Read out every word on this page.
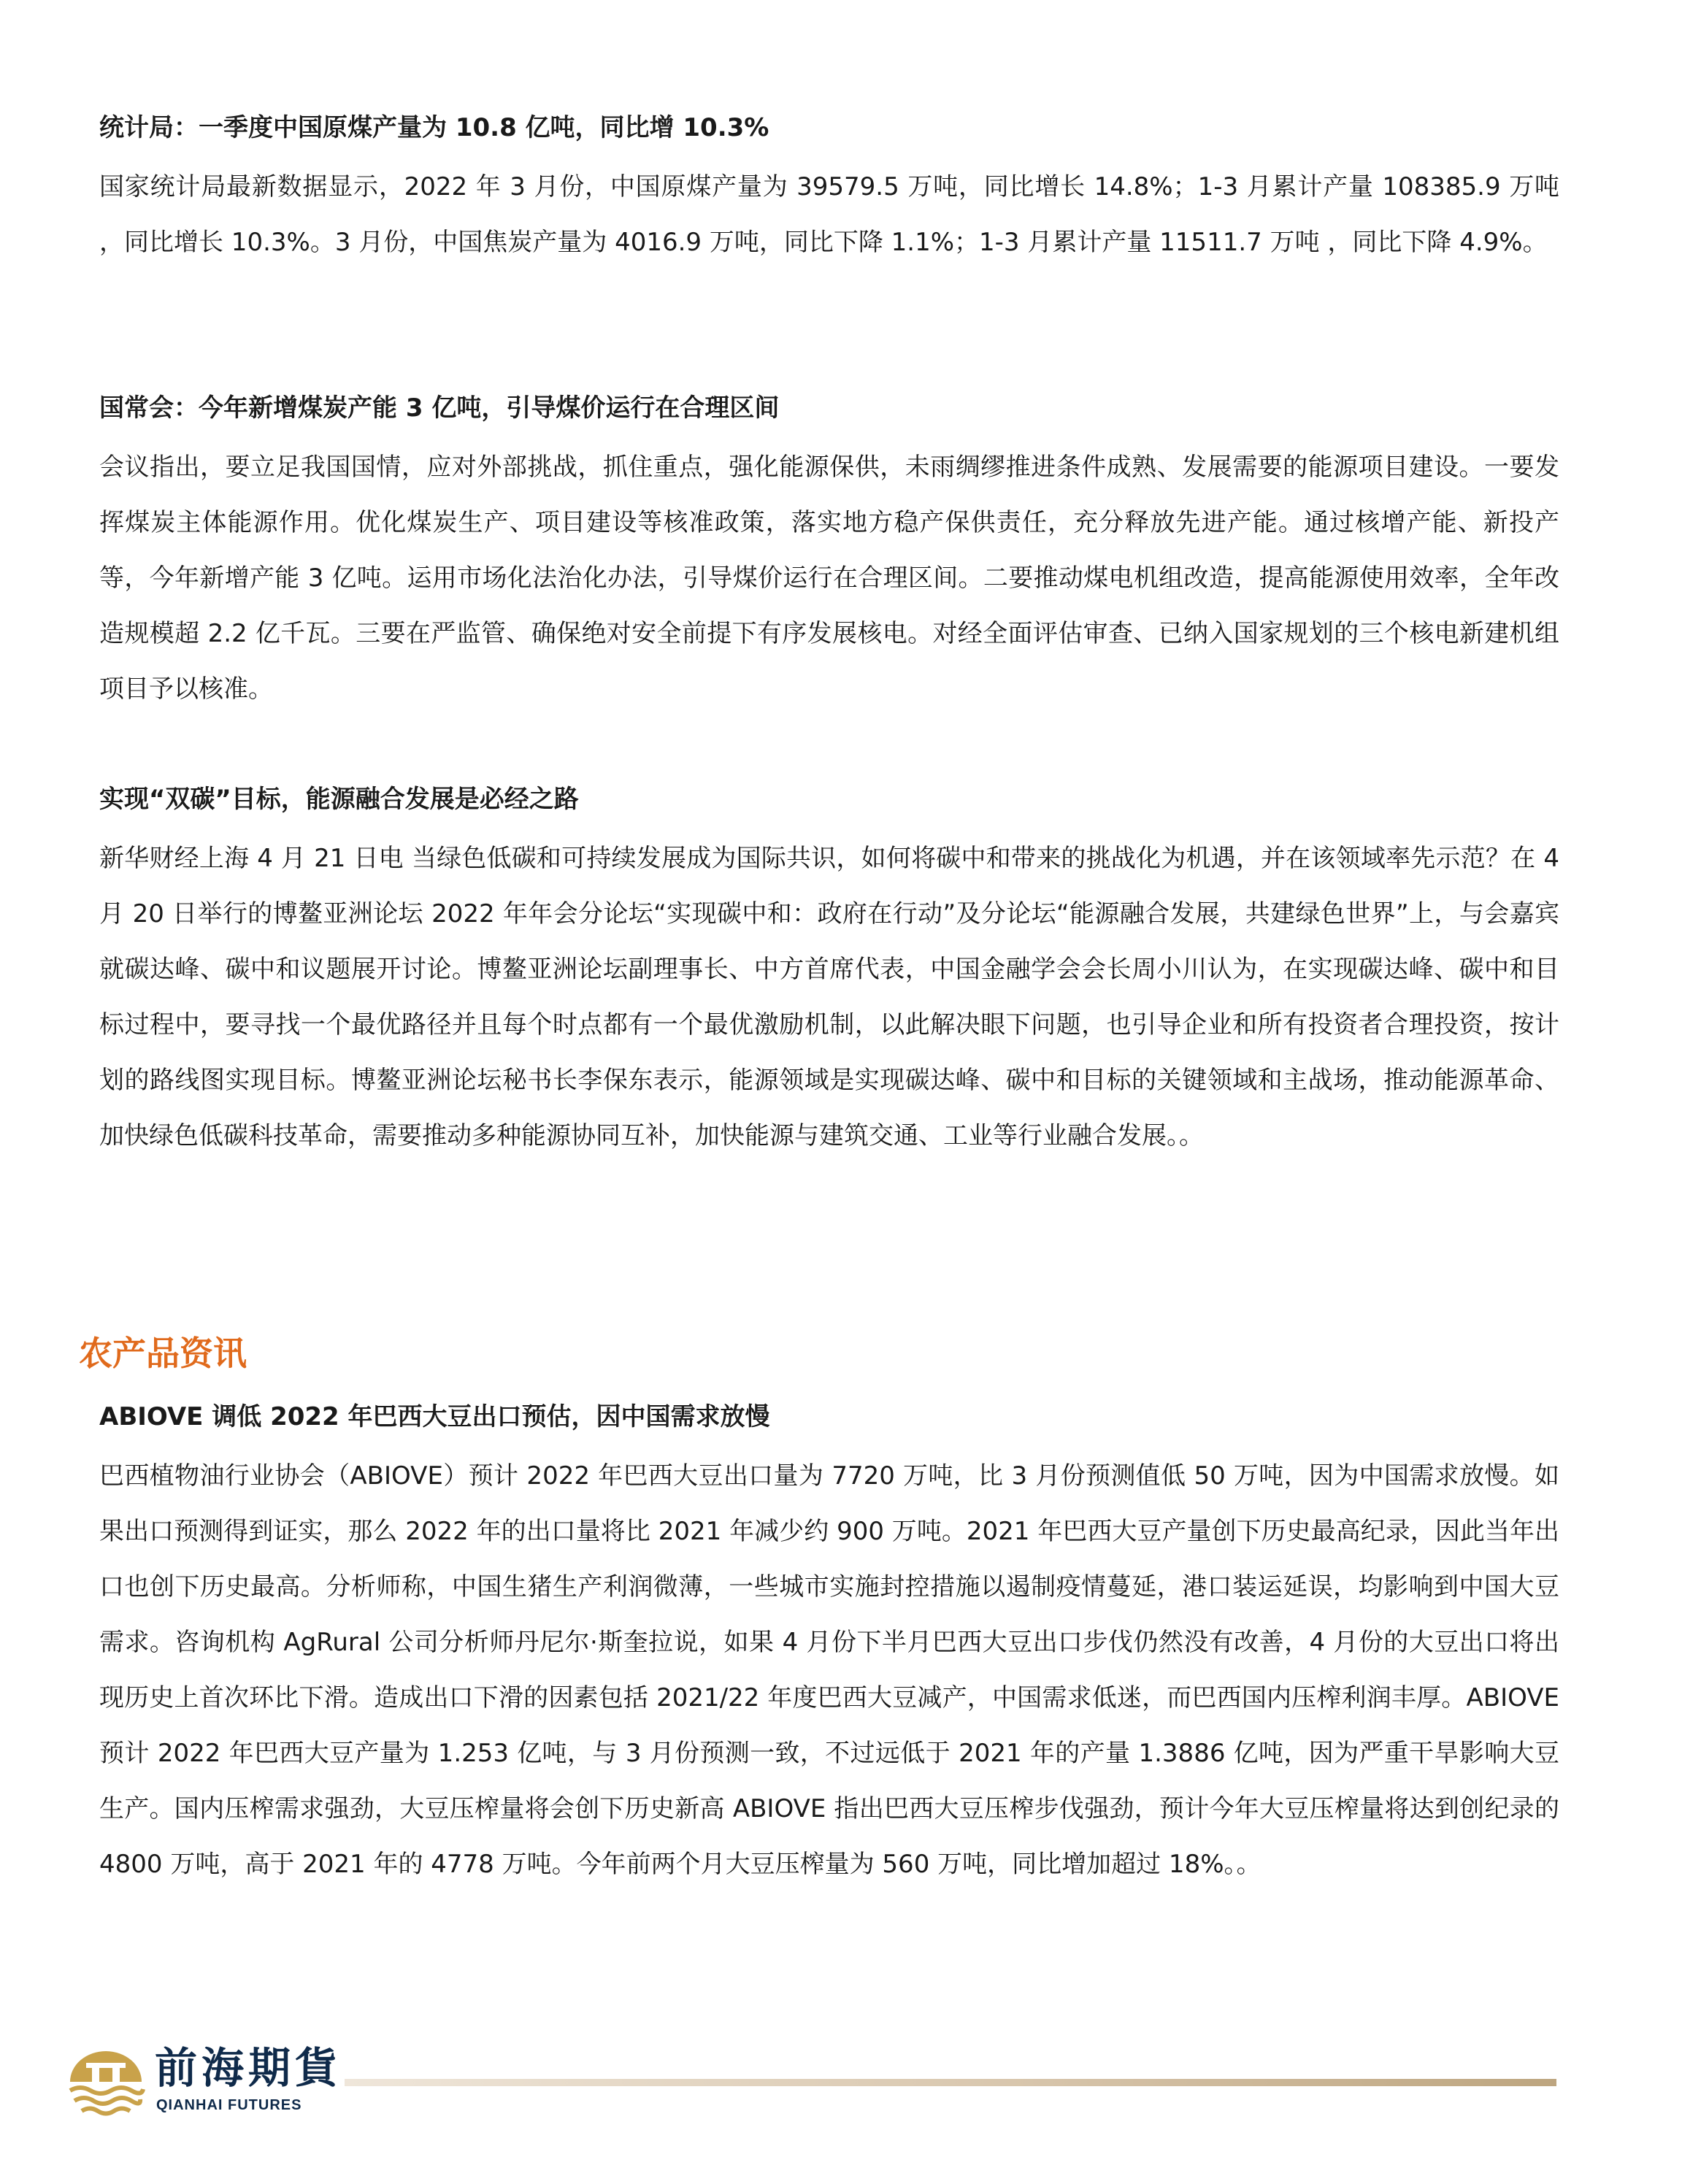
统计局：一季度中国原煤产量为 10.8 亿吨，同比增 10.3%

国家统计局最新数据显示，2022 年 3 月份，中国原煤产量为 39579.5 万吨，同比增长 14.8%；1-3 月累计产量 108385.9 万吨 ，同比增长 10.3%。3 月份，中国焦炭产量为 4016.9 万吨，同比下降 1.1%；1-3 月累计产量 11511.7 万吨 ，同比下降 4.9%。

国常会：今年新增煤炭产能 3 亿吨，引导煤价运行在合理区间

会议指出，要立足我国国情，应对外部挑战，抓住重点，强化能源保供，未雨绸缪推进条件成熟、发展需要的能源项目建设。一要发挥煤炭主体能源作用。优化煤炭生产、项目建设等核准政策，落实地方稳产保供责任，充分释放先进产能。通过核增产能、新投产等，今年新增产能 3 亿吨。运用市场化法治化办法，引导煤价运行在合理区间。二要推动煤电机组改造，提高能源使用效率，全年改造规模超 2.2 亿千瓦。三要在严监管、确保绝对安全前提下有序发展核电。对经全面评估审查、已纳入国家规划的三个核电新建机组项目予以核准。

实现“双碳”目标，能源融合发展是必经之路

新华财经上海 4 月 21 日电 当绿色低碳和可持续发展成为国际共识，如何将碳中和带来的挑战化为机遇，并在该领域率先示范？在 4 月 20 日举行的博鳌亚洲论坛 2022 年年会分论坛“实现碳中和：政府在行动”及分论坛“能源融合发展，共建绿色世界”上，与会嘉宾就碳达峰、碳中和议题展开讨论。博鳌亚洲论坛副理事长、中方首席代表，中国金融学会会长周小川认为，在实现碳达峰、碳中和目标过程中，要寻找一个最优路径并且每个时点都有一个最优激励机制，以此解决眼下问题，也引导企业和所有投资者合理投资，按计划的路线图实现目标。博鳌亚洲论坛秘书长李保东表示，能源领域是实现碳达峰、碳中和目标的关键领域和主战场，推动能源革命、加快绿色低碳科技革命，需要推动多种能源协同互补，加快能源与建筑交通、工业等行业融合发展。。

农产品资讯
ABIOVE 调低 2022 年巴西大豆出口预估，因中国需求放慢

巴西植物油行业协会（ABIOVE）预计 2022 年巴西大豆出口量为 7720 万吨，比 3 月份预测值低 50 万吨，因为中国需求放慢。如果出口预测得到证实，那么 2022 年的出口量将比 2021 年减少约 900 万吨。2021 年巴西大豆产量创下历史最高纪录，因此当年出口也创下历史最高。分析师称，中国生猪生产利润微薄，一些城市实施封控措施以遏制疫情蔓延，港口装运延误，均影响到中国大豆需求。咨询机构 AgRural 公司分析师丹尼尔·斯奎拉说，如果 4 月份下半月巴西大豆出口步伐仍然没有改善，4 月份的大豆出口将出现历史上首次环比下滑。造成出口下滑的因素包括 2021/22 年度巴西大豆减产，中国需求低迷，而巴西国内压榨利润丰厚。ABIOVE 预计 2022 年巴西大豆产量为 1.253 亿吨，与 3 月份预测一致，不过远低于 2021 年的产量 1.3886 亿吨，因为严重干旱影响大豆生产。国内压榨需求强劲，大豆压榨量将会创下历史新高 ABIOVE 指出巴西大豆压榨步伐强劲，预计今年大豆压榨量将达到创纪录的 4800 万吨，高于 2021 年的 4778 万吨。今年前两个月大豆压榨量为 560 万吨，同比增加超过 18%。。

前海期貨
QIANHAI FUTURES
